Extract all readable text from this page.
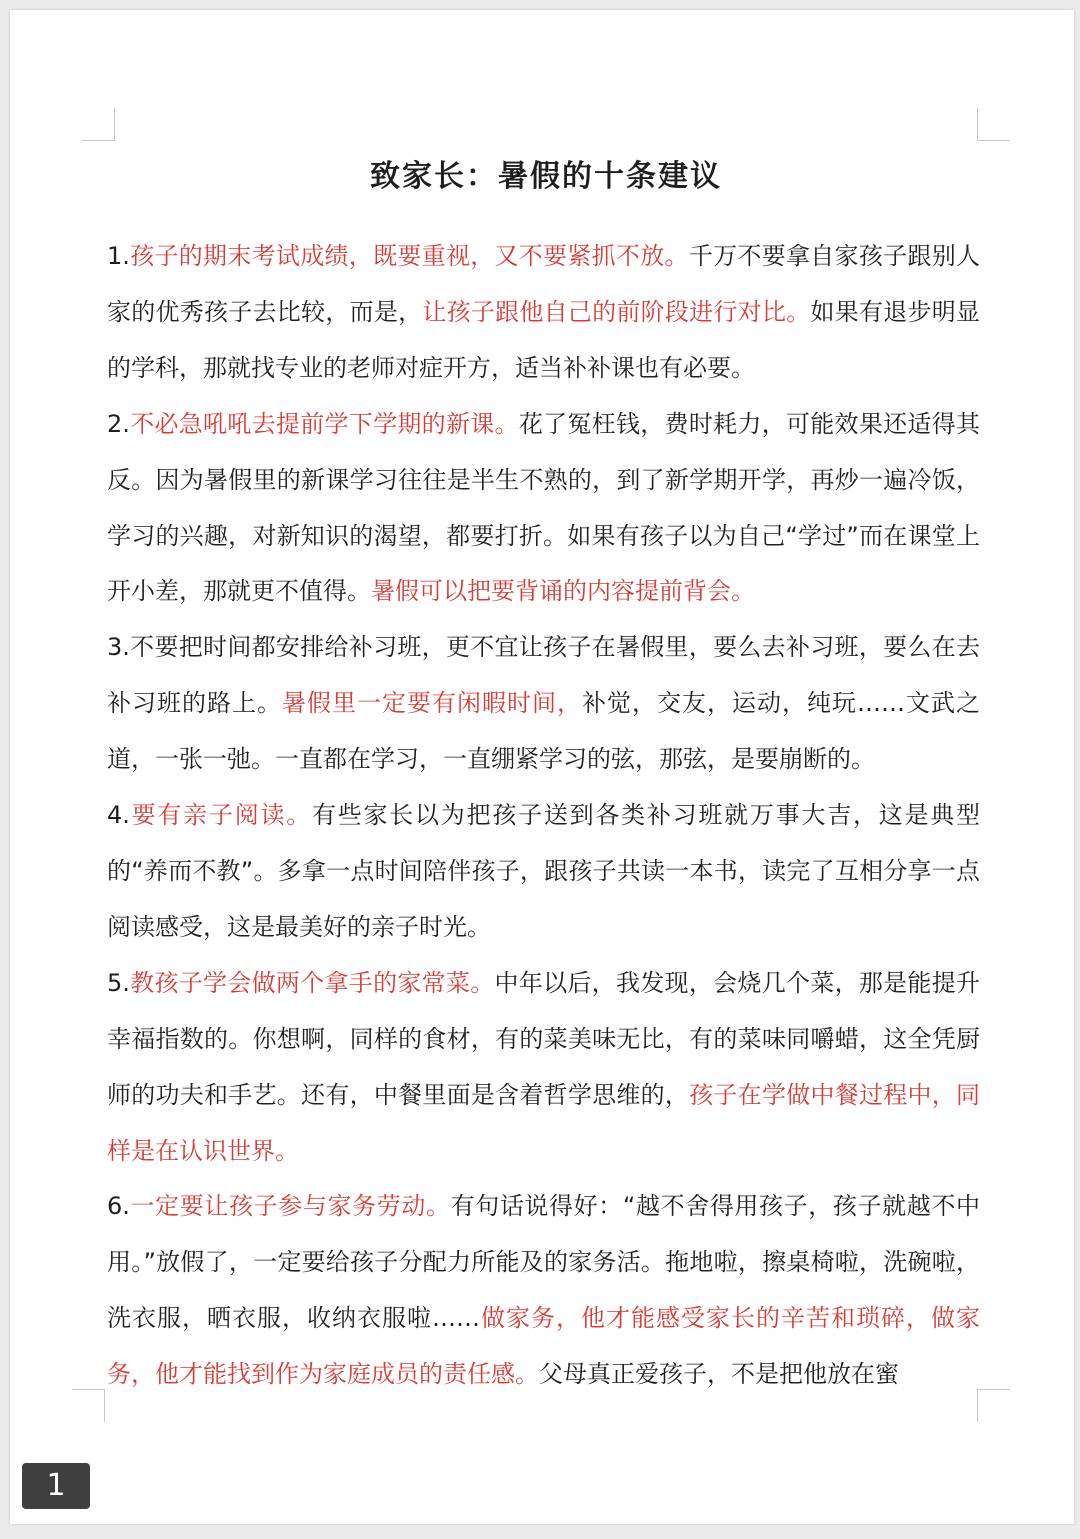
致家长：暑假的十条建议

1.孩子的期末考试成绩，既要重视，又不要紧抓不放。千万不要拿自家孩子跟别人家的优秀孩子去比较，而是，让孩子跟他自己的前阶段进行对比。如果有退步明显的学科，那就找专业的老师对症开方，适当补补课也有必要。

2.不必急吼吼去提前学下学期的新课。花了冤枉钱，费时耗力，可能效果还适得其反。因为暑假里的新课学习往往是半生不熟的，到了新学期开学，再炒一遍冷饭，学习的兴趣，对新知识的渴望，都要打折。如果有孩子以为自己“学过”而在课堂上开小差，那就更不值得。暑假可以把要背诵的内容提前背会。

3.不要把时间都安排给补习班，更不宜让孩子在暑假里，要么去补习班，要么在去补习班的路上。暑假里一定要有闲暇时间，补觉，交友，运动，纯玩……文武之道，一张一弛。一直都在学习，一直绷紧学习的弦，那弦，是要崩断的。

4.要有亲子阅读。有些家长以为把孩子送到各类补习班就万事大吉，这是典型的“养而不教”。多拿一点时间陪伴孩子，跟孩子共读一本书，读完了互相分享一点阅读感受，这是最美好的亲子时光。

5.教孩子学会做两个拿手的家常菜。中年以后，我发现，会烧几个菜，那是能提升幸福指数的。你想啊，同样的食材，有的菜美味无比，有的菜味同嚼蜡，这全凭厨师的功夫和手艺。还有，中餐里面是含着哲学思维的，孩子在学做中餐过程中，同样是在认识世界。

6.一定要让孩子参与家务劳动。有句话说得好：“越不舍得用孩子，孩子就越不中用。”放假了，一定要给孩子分配力所能及的家务活。拖地啦，擦桌椅啦，洗碗啦，洗衣服，晒衣服，收纳衣服啦……做家务，他才能感受家长的辛苦和琐碎，做家务，他才能找到作为家庭成员的责任感。父母真正爱孩子，不是把他放在蜜

1
